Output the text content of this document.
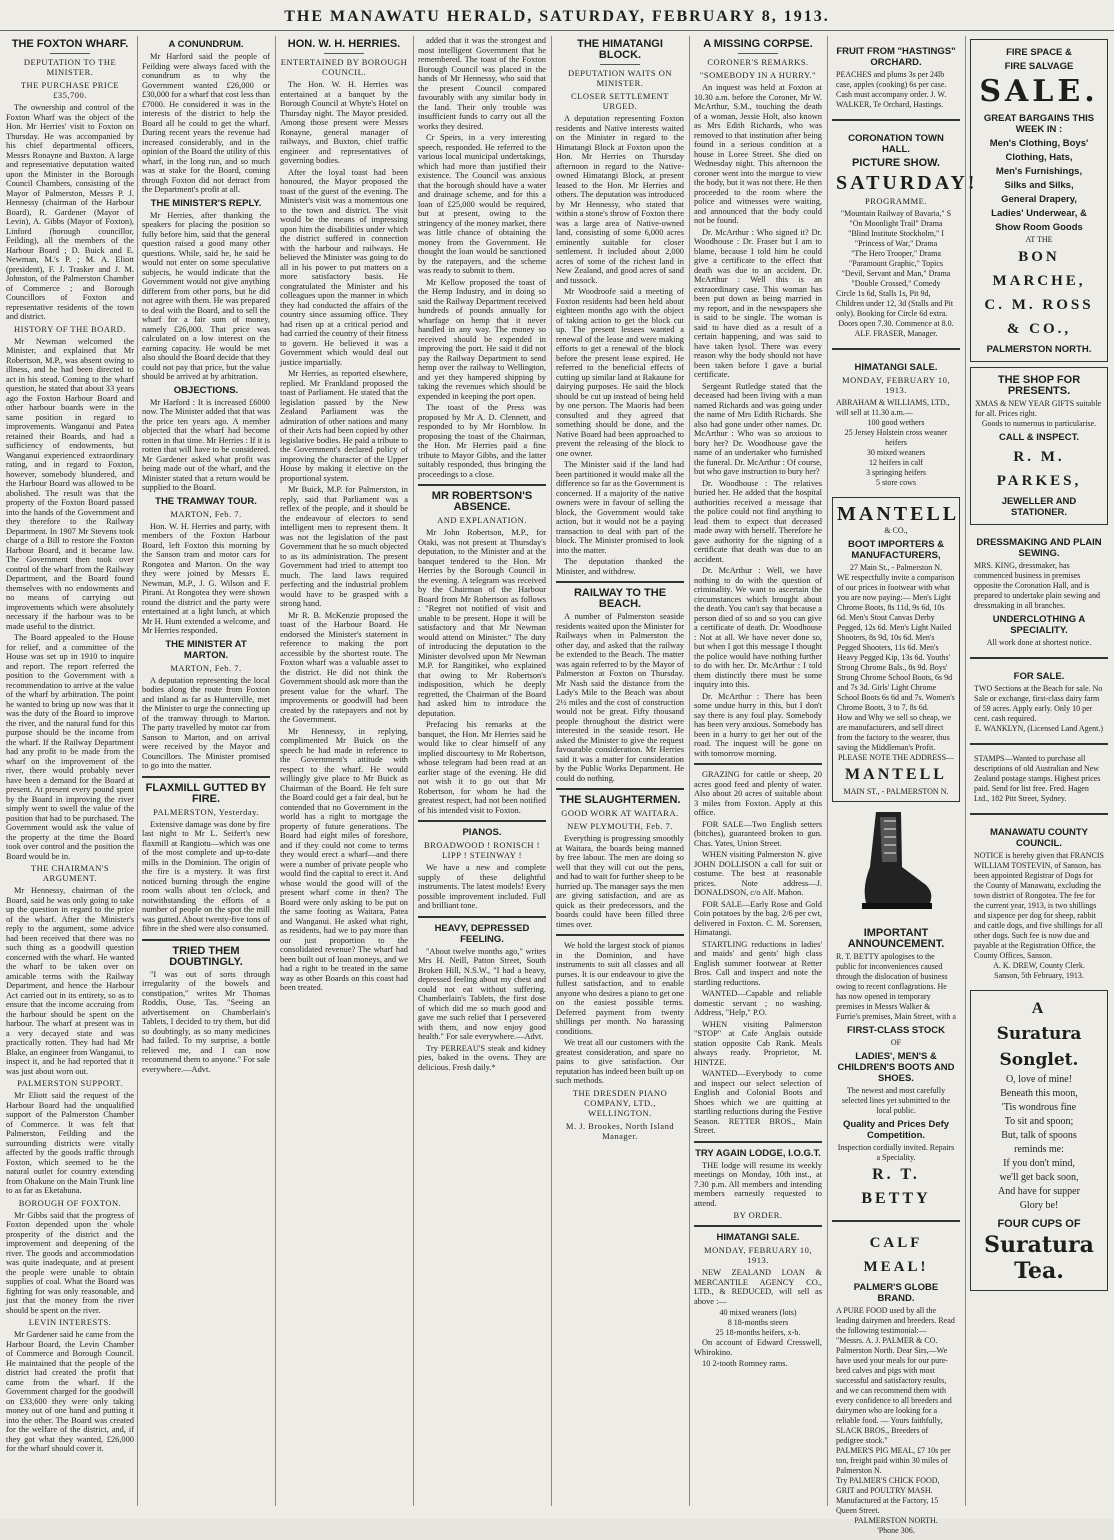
THE MANAWATU HERALD, SATURDAY, FEBRUARY 8, 1913.
THE FOXTON WHARF.
DEPUTATION TO THE MINISTER.
THE PURCHASE PRICE £35,700.

The ownership and control of the Foxton Wharf was the object of the Hon. Mr Herries' visit to Foxton on Thursday. He was accompanied by his chief departmental officers, Messrs Ronayne and Buxton. A large and representative deputation waited upon the Minister in the Borough Council Chambers, consisting of the Mayor of Palmerston, Messrs P. J. Hennessy (chairman of the Harbour Board), R. Gardener (Mayor of Levin), A. Gibbs (Mayor of Foxton), Linford (borough councillor, Feilding), all the members of the Harbour Board ; D. Buick and E. Newman, M.'s P. ; M. A. Eliott (president), F. J. Trasker and J. M. Johnston, of the Palmerston Chamber of Commerce ; and Borough Councillors of Foxton and representative residents of the town and district.

HISTORY OF THE BOARD.

Mr Newman welcomed the Minister, and explained that Mr Robertson, M.P., was absent owing to illness, and he had been directed to act in his stead. Coming to the wharf question, he stated that about 33 years ago the Foxton Harbour Board and other harbour boards were in the same position in regard to improvements. Wanganui and Patea retained their Boards, and had a sufficiency of endowments, but Wanganui experienced extraordinary rating, and in regard to Foxton, however, somebody blundered, and the Harbour Board was allowed to be abolished. The result was that the property of the Foxton Board passed into the hands of the Government and they therefore to the Railway Department. In 1907 Mr Stevens took charge of a Bill to restore the Foxton Harbour Board, and it became law. The Government then took over control of the wharf from the Railway Department, and the Board found themselves with no endowments and no means of carrying out improvements which were absolutely necessary if the harbour was to be made useful to the district.

The Board appealed to the House for relief, and a committee of the House was set up in 1910 to inquire and report. The report referred the position to the Government with a recommendation to arrive at the value of the wharf by arbitration. The point he wanted to bring up now was that it was the duty of the Board to improve the river, and the natural fund for this purpose should be the income from the wharf. If the Railway Department had any profit to be made from the wharf on the improvement of the river, there would probably never have been a demand for the Board at present. At present every pound spent by the Board in improving the river simply went to swell the value of the position that had to be purchased. The Government would ask the value of the property at the time the Board took over control and the position the Board would be in.

THE CHAIRMAN'S ARGUMENT.

Mr Hennessy, chairman of the Board, said he was only going to take up the question in regard to the price of the wharf. After the Minister's reply to the argument, some advice had been received that there was no such thing as a goodwill question concerned with the wharf. He wanted the wharf to be taken over on amicable terms with the Railway Department, and hence the Harbour Act carried out in its entirety, so as to ensure that the income accruing from the harbour should be spent on the harbour. The wharf at present was in a very decayed state and was practically rotten. They had had Mr Blake, an engineer from Wanganui, to inspect it, and he had reported that it was just about worn out.

PALMERSTON SUPPORT.

Mr Eliott said the request of the Harbour Board had the unqualified support of the Palmerston Chamber of Commerce. It was felt that Palmerston, Feilding and the surrounding districts were vitally affected by the goods traffic through Foxton, which seemed to be the natural outlet for country extending from Ohakune on the Main Trunk line to as far as Eketahuna.

BOROUGH OF FOXTON.

Mr Gibbs said that the progress of Foxton depended upon the whole prosperity of the district and the improvement and deepening of the river. The goods and accommodation was quite inadequate, and at present the people were unable to obtain supplies of coal. What the Board was fighting for was only reasonable, and just that the money from the river should be spent on the river.

LEVIN INTERESTS.

Mr Gardener said he came from the Harbour Board, the Levin Chamber of Commerce and Borough Council. He maintained that the people of the district had created the profit that came from the wharf. If the Government charged for the goodwill on £33,600 they were only taking money out of one hand and putting it into the other. The Board was created for the welfare of the district, and, if they got what they wanted, £26,000 for the wharf should cover it.

A CONUNDRUM.

Mr Harford said the people of Feilding were always faced with the conundrum as to why the Government wanted £26,000 or £30,000 for a wharf that cost less than £7000. He considered it was in the interests of the district to help the Board all he could to get the wharf. During recent years the revenue had increased considerably, and in the opinion of the Board the utility of this wharf, in the long run, and so much was at stake for the Board, coming through Foxton did not detract from the Department's profit at all.

THE MINISTER'S REPLY.

Mr Herries, after thanking the speakers for placing the position so fully before him, said that the general question raised a good many other questions. While, said he, he said he would not enter on some speculative subjects, he would indicate that the Government would not give anything different from other ports, but he did not agree with them. He was prepared to deal with the Board, and to sell the wharf for a fair sum of money, namely £26,000. That price was calculated on a low interest on the earning capacity. He would be met also should the Board decide that they could not pay that price, but the value should be arrived at by arbitration.

OBJECTIONS.

Mr Harford : It is increased £6000 now. The Minister added that that was the price ten years ago. A member objected that the wharf had become rotten in that time. Mr Herries : If it is rotten that will have to be considered. Mr Gardener asked what profit was being made out of the wharf, and the Minister stated that a return would be supplied to the Board.

THE TRAMWAY TOUR.
MARTON, Feb. 7.

Hon. W. H. Herries and party, with members of the Foxton Harbour Board, left Foxton this morning by the Sanson tram and motor cars for Rongotea and Marton. On the way they were joined by Messrs E. Newman, M.P., J. G. Wilson and F. Pirani. At Rongotea they were shown round the district and the party were entertained at a light lunch, at which Mr H. Hunt extended a welcome, and Mr Herries responded.

THE MINISTER AT MARTON.
MARTON, Feb. 7.

A deputation representing the local bodies along the route from Foxton and inland as far as Hunterville, met the Minister to urge the connecting up of the tramway through to Marton. The party travelled by motor car from Sanson to Marton, and on arrival were received by the Mayor and Councillors. The Minister promised to go into the matter.

FLAXMILL GUTTED BY FIRE.
PALMERSTON, Yesterday.

Extensive damage was done by fire last night to Mr L. Seifert's new flaxmill at Rangiotu—which was one of the most complete and up-to-date mills in the Dominion. The origin of the fire is a mystery. It was first noticed burning through the engine room walls about ten o'clock, and notwithstanding the efforts of a number of people on the spot the mill was gutted. About twenty-five tons of fibre in the shed were also consumed.

TRIED THEM DOUBTINGLY.

"I was out of sorts through irregularity of the bowels and constipation," writes Mr Thomas Roddis, Ouse, Tas. "Seeing an advertisement on Chamberlain's Tablets, I decided to try them, but did so doubtingly, as so many medicines had failed. To my surprise, a bottle relieved me, and I can now recommend them to anyone." For sale everywhere.—Advt.

HON. W. H. HERRIES.
ENTERTAINED BY BOROUGH COUNCIL.

The Hon. W. H. Herries was entertained at a banquet by the Borough Council at Whyte's Hotel on Thursday night. The Mayor presided. Among those present were Messrs Ronayne, general manager of railways, and Buxton, chief traffic engineer and representatives of governing bodies.

After the loyal toast had been honoured, the Mayor proposed the toast of the guest of the evening. The Minister's visit was a momentous one to the town and district. The visit would be the means of impressing upon him the disabilities under which the district suffered in connection with the harbour and railways. He believed the Minister was going to do all in his power to put matters on a more satisfactory basis. He congratulated the Minister and his colleagues upon the manner in which they had conducted the affairs of the country since assuming office. They had risen up at a critical period and had carried the country of their fitness to govern. He believed it was a Government which would deal out justice impartially.

Mr Herries, as reported elsewhere, replied. Mr Frankland proposed the toast of Parliament. He stated that the legislation passed by the New Zealand Parliament was the admiration of other nations and many of their Acts had been copied by other legislative bodies. He paid a tribute to the Government's declared policy of improving the character of the Upper House by making it elective on the proportional system.

Mr Buick, M.P. for Palmerston, in reply, said that Parliament was a reflex of the people, and it should be the endeavour of electors to send intelligent men to represent them. It was not the legislation of the past Government that he so much objected to as its administration. The present Government had tried to attempt too much. The land laws required perfecting and the industrial problem would have to be grasped with a strong hand.

Mr R. B. McKenzie proposed the toast of the Harbour Board. He endorsed the Minister's statement in reference to making the port accessible by the shortest route. The Foxton wharf was a valuable asset to the district. He did not think the Government should ask more than the present value for the wharf. The improvements or goodwill had been created by the ratepayers and not by the Government.

Mr Hennessy, in replying, complimented Mr Buick on the speech he had made in reference to the Government's attitude with respect to the wharf. He would willingly give place to Mr Buick as Chairman of the Board. He felt sure the Board could get a fair deal, but he contended that no Government in the world has a right to mortgage the property of future generations. The Board had eight miles of foreshore, and if they could not come to terms they would erect a wharf—and there were a number of private people who would find the capital to erect it. And whose would the good will of the present wharf come in then? The Board were only asking to be put on the same footing as Waitara, Patea and Wanganui. He asked what right, as residents, had we to pay more than our just proportion to the consolidated revenue? The wharf had been built out of loan moneys, and we had a right to be treated in the same way as other Boards on this coast had been treated.

added that it was the strongest and most intelligent Government that he remembered. The toast of the Foxton Borough Council was placed in the hands of Mr Hennessy, who said that the present Council compared favourably with any similar body in the land. Their only trouble was insufficient funds to carry out all the works they desired.

Cr Speirs, in a very interesting speech, responded. He referred to the various local municipal undertakings, which had more than justified their existence. The Council was anxious that the borough should have a water and drainage scheme, and for this a loan of £25,000 would be required, but at present, owing to the stringency of the money market, there was little chance of obtaining the money from the Government. He thought the loan would be sanctioned by the ratepayers, and the scheme was ready to submit to them.

Mr Kellow proposed the toast of the Hemp Industry, and in doing so said the Railway Department received hundreds of pounds annually for wharfage on hemp that it never handled in any way. The money so received should be expended in improving the port. He said it did not pay the Railway Department to send hemp over the railway to Wellington, and yet they hampered shipping by taking the revenues which should be expended in keeping the port open.

The toast of the Press was proposed by Mr A. D. Clennett, and responded to by Mr Hornblow. In proposing the toast of the Chairman, the Hon. Mr Herries paid a fine tribute to Mayor Gibbs, and the latter suitably responded, thus bringing the proceedings to a close.

MR ROBERTSON'S ABSENCE.
AND EXPLANATION.

Mr John Robertson, M.P., for Otaki, was not present at Thursday's deputation, to the Minister and at the banquet tendered to the Hon. Mr Herries by the Borough Council in the evening. A telegram was received by the Chairman of the Harbour Board from Mr Robertson as follows : "Regret not notified of visit and unable to be present. Hope it will be satisfactory and that Mr Newman would attend on Minister." The duty of introducing the deputation to the Minister devolved upon Mr Newman M.P. for Rangitikei, who explained that owing to Mr Robertson's indisposition, which he deeply regretted, the Chairman of the Board had asked him to introduce the deputation.

Prefacing his remarks at the banquet, the Hon. Mr Herries said he would like to clear himself of any implied discourtesy to Mr Robertson, whose telegram had been read at an earlier stage of the evening. He did not wish it to go out that Mr Robertson, for whom he had the greatest respect, had not been notified of his intended visit to Foxton.

PIANOS.
BROADWOOD ! RONISCH ! LIPP ! STEINWAY !

We have a new and complete supply of these delightful instruments. The latest models! Every possible improvement included. Full and brilliant tone.

HEAVY, DEPRESSED FEELING.

"About twelve months ago," writes Mrs H. Neill, Patton Street, South Broken Hill, N.S.W., "I had a heavy, depressed feeling about my chest and could not eat without suffering. Chamberlain's Tablets, the first dose of which did me so much good and gave me such relief that I persevered with them, and now enjoy good health." For sale everywhere.—Advt.

Try PERREAU'S steak and kidney pies, baked in the ovens. They are delicious. Fresh daily.*

THE HIMATANGI BLOCK.
DEPUTATION WAITS ON MINISTER.
CLOSER SETTLEMENT URGED.

A deputation representing Foxton residents and Native interests waited on the Minister in regard to the Himatangi Block at Foxton upon the Hon. Mr Herries on Thursday afternoon in regard to the Native-owned Himatangi Block, at present leased to the Hon. Mr Herries and others. The deputation was introduced by Mr Hennessy, who stated that within a stone's throw of Foxton there was a large area of Native-owned land, consisting of some 6,000 acres eminently suitable for closer settlement. It included about 2,000 acres of some of the richest land in New Zealand, and good acres of sand and tussock.

Mr Woodroofe said a meeting of Foxton residents had been held about eighteen months ago with the object of taking action to get the block cut up. The present lessees wanted a renewal of the lease and were making efforts to get a renewal of the block before the present lease expired. He referred to the beneficial effects of cutting up similar land at Rakaune for dairying purposes. He said the block should be cut up instead of being held by one person. The Maoris had been consulted and they agreed that something should be done, and the Native Board had been approached to prevent the releasing of the block to one owner.

The Minister said if the land had been partitioned it would make all the difference so far as the Government is concerned. If a majority of the native owners were in favour of selling the block, the Government would take action, but it would not be a paying transaction to deal with part of the block. The Minister promised to look into the matter.

The deputation thanked the Minister, and withdrew.

RAILWAY TO THE BEACH.

A number of Palmerston seaside residents waited upon the Minister for Railways when in Palmerston the other day, and asked that the railway be extended to the Beach. The matter was again referred to by the Mayor of Palmerston at Foxton on Thursday. Mr Nash said the distance from the Lady's Mile to the Beach was about 2½ miles and the cost of construction would not be great. Fifty thousand people throughout the district were interested in the seaside resort. He asked the Minister to give the request favourable consideration. Mr Herries said it was a matter for consideration by the Public Works Department. He could do nothing.

THE SLAUGHTERMEN.
GOOD WORK AT WAITARA.
NEW PLYMOUTH, Feb. 7.

Everything is progressing smoothly at Waitara, the boards being manned by free labour. The men are doing so well that they will cut out the pens, and had to wait for further sheep to be hurried up. The manager says the men are giving satisfaction, and are as quick as their predecessors, and the boards could have been filled three times over.

We hold the largest stock of pianos in the Dominion, and have instruments to suit all classes and all purses. It is our endeavour to give the fullest satisfaction, and to enable anyone who desires a piano to get one on the easiest possible terms. Deferred payment from twenty shillings per month. No harassing conditions.

We treat all our customers with the greatest consideration, and spare no pains to give satisfaction. Our reputation has indeed been built up on such methods.

THE DRESDEN PIANO COMPANY, LTD., WELLINGTON.
M. J. Brookes, North Island Manager.
A MISSING CORPSE.
CORONER'S REMARKS.
"SOMEBODY IN A HURRY."

An inquest was held at Foxton at 10.30 a.m. before the Coroner, Mr W. McArthur, S.M., touching the death of a woman, Jessie Holt, also known as Mrs Edith Richards, who was removed to that institution after being found in a serious condition at a house in Loree Street. She died on Wednesday night. This afternoon the coroner went into the morgue to view the body, but it was not there. He then proceeded to the room where the police and witnesses were waiting, and announced that the body could not be found.

Dr. McArthur : Who signed it? Dr. Woodhouse : Dr. Fraser but I am to blame, because I told him he could give a certificate to the effect that death was due to an accident. Dr. McArthur : Well this is an extraordinary case. This woman has been put down as being married in my report, and in the newspapers she is said to be single. The woman is said to have died as a result of a certain happening, and was said to have taken lysol. There was every reason why the body should not have been taken before I gave a burial certificate.

Sergeant Rutledge stated that the deceased had been living with a man named Richards and was going under the name of Mrs Edith Richards. She also had gone under other names. Dr. McArthur : Who was so anxious to bury her? Dr. Woodhouse gave the name of an undertaker who furnished the funeral. Dr. McArthur : Of course, but who gave instruction to bury her?

Dr. Woodhouse : The relatives buried her. He added that the hospital authorities received a message that the police could not find anything to lead them to expect that deceased made away with herself. Therefore he gave authority for the signing of a certificate that death was due to an accident.

Dr. McArthur : Well, we have nothing to do with the question of criminality. We want to ascertain the circumstances which brought about the death. You can't say that because a person died of so and so you can give a certificate of death. Dr. Woodhouse : Not at all. We have never done so, but when I got this message I thought the police would have nothing further to do with her. Dr. McArthur : I told them distinctly there must be some inquiry into this.

Dr. McArthur : There has been some undue hurry in this, but I don't say there is any foul play. Somebody has been very anxious. Somebody has been in a hurry to get her out of the road. The inquest will be gone on with tomorrow morning.

GRAZING for cattle or sheep, 20 acres good feed and plenty of water. Also about 20 acres of suitable about 3 miles from Foxton. Apply at this office.

FOR SALE—Two English setters (bitches), guaranteed broken to gun. Chas. Yates, Union Street.

WHEN visiting Palmerston N. give JOHN DOLLISON a call for suit or costume. The best at reasonable prices. Note address—J. DONALDSON, c/o Alf. Mahon.

FOR SALE—Early Rose and Gold Coin potatoes by the bag. 2/6 per cwt, delivered in Foxton. C. M. Sorensen, Himatangi.

STARTLING reductions in ladies' and maids' and gents' high class English summer footwear at Retter Bros. Call and inspect and note the startling reductions.

WANTED—Capable and reliable domestic servant ; no washing. Address, "Help," P.O.

WHEN visiting Palmerston "STOP" at Cafe Anglais outside station opposite Cab Rank. Meals always ready. Proprietor, M. HINTZE.

WANTED—Everybody to come and inspect our select selection of English and Colonial Boots and Shoes which we are quitting at startling reductions during the Festive Season. RETTER BROS., Main Street.

TRY AGAIN LODGE, I.O.G.T.

THE lodge will resume its weekly meetings on Monday, 10th inst., at 7.30 p.m. All members and intending members earnestly requested to attend.

BY ORDER.
HIMATANGI SALE.
MONDAY, FEBRUARY 10, 1913.

NEW ZEALAND LOAN & MERCANTILE AGENCY CO., LTD., & REDUCED, will sell as above :—

40 mixed weaners (lots)
8 18-months steers
25 18-months heifers, x-b.

On account of Edward Cresswell, Whirokino.

10 2-tooth Romney rams.

FRUIT FROM "HASTINGS" ORCHARD.
PEACHES and plums 3s per 24lb case, apples (cooking) 6s per case. Cash must accompany order. J. W. WALKER, Te Orchard, Hastings.
CORONATION TOWN HALL.
PICTURE SHOW.
SATURDAY!
PROGRAMME.
"Mountain Railway of Bavaria," S
"On Moonlight Trail" Drama
"Blind Institute Stockholm," I
"Princess of War," Drama
"The Hero Trooper," Drama
"Paramount Graphic," Topics
"Devil, Servant and Man," Drama
"Double Crossed," Comedy
Circle 1s 6d, Stalls 1s, Pit 9d, Children under 12, 3d (Stalls and Pit only). Booking for Circle 6d extra.
Doors open 7.30. Commence at 8.0.
ALF. FRASER, Manager.
HIMATANGI SALE.
MONDAY, FEBRUARY 10, 1913.
ABRAHAM & WILLIAMS, LTD., will sell at 11.30 a.m.—
100 good wethers
25 Jersey Holstein cross weaner heifers
30 mixed weaners
12 heifers in calf
3 springing heifers
5 store cows
MANTELL
& CO.,
BOOT IMPORTERS & MANUFACTURERS,
27 Main St., - Palmerston N.
WE respectfully invite a comparison of our prices in footwear with what you are now paying:— Men's Light Chrome Boots, 8s 11d, 9s 6d, 10s 6d. Men's Stout Canvas Derby Pegged, 12s 6d. Men's Light Nailed Shooters, 8s 9d, 10s 6d. Men's Pegged Shooters, 11s 6d. Men's Heavy Pegged Kip, 13s 6d. Youths' Strong Chrome Bals., 8s 9d. Boys' Strong Chrome School Boots, 6s 9d and 7s 3d. Girls' Light Chrome School Boots 6s 6d and 7s. Women's Chrome Boots, 3 to 7, 8s 6d.
How and Why we sell so cheap, we are manufacturers, and sell direct from the factory to the wearer, thus saving the Middleman's Profit.
PLEASE NOTE THE ADDRESS—
MANTELL
MAIN ST., - PALMERSTON N.
IMPORTANT ANNOUNCEMENT.
R. T. BETTY apologises to the public for inconveniences caused through the dislocation of business owing to recent conflagrations. He has now opened in temporary premises in Messrs Walker & Furrie's premises, Main Street, with a
FIRST-CLASS STOCK
OF
LADIES', MEN'S & CHILDREN'S BOOTS AND SHOES.
The newest and most carefully selected lines yet submitted to the local public.
Quality and Prices Defy Competition.
Inspection cordially invited. Repairs a Speciality.
R. T. BETTY
CALF MEAL!
PALMER'S GLOBE BRAND.
A PURE FOOD used by all the leading dairymen and breeders. Read the following testimonial:— "Messrs. A. J. PALMER & CO. Palmerston North. Dear Sirs,—We have used your meals for our pure-bred calves and pigs with most successful and satisfactory results, and we can recommend them with every confidence to all breeders and dairymen who are looking for a reliable food. — Yours faithfully, SLACK BROS., Breeders of pedigree stock."
PALMER'S PIG MEAL, £7 10s per ton, freight paid within 30 miles of Palmerston N.
Try PALMER'S CHICK FOOD, GRIT and POULTRY MASH. Manufactured at the Factory, 15 Queen Street.
PALMERSTON NORTH.
'Phone 306.
FIRE SPACE &
FIRE SALVAGE
SALE.
GREAT BARGAINS THIS WEEK IN :
Men's Clothing, Boys'
Clothing, Hats,
Men's Furnishings,
Silks and Silks,
General Drapery,
Ladies' Underwear, &
Show Room Goods
AT THE
BON MARCHE,
C. M. ROSS & CO.,
PALMERSTON NORTH.
THE SHOP FOR PRESENTS.
XMAS & NEW YEAR GIFTS suitable for all. Prices right.
Goods to numerous to particularise.
CALL & INSPECT.
R. M. PARKES,
JEWELLER AND STATIONER.
DRESSMAKING AND PLAIN SEWING.
MRS. KING, dressmaker, has commenced business in premises opposite the Coronation Hall, and is prepared to undertake plain sewing and dressmaking in all branches.
UNDERCLOTHING A SPECIALITY.
All work done at shortest notice.
FOR SALE.
TWO Sections at the Beach for sale. No Sale or exchange, first-class dairy farm of 59 acres. Apply early. Only 10 per cent. cash required.
E. WANKLYN, (Licensed Land Agent.)
STAMPS—Wanted to purchase all descriptions of old Australian and New Zealand postage stamps. Highest prices paid. Send for list free. Fred. Hagen Ltd., 182 Pitt Street, Sydney.
MANAWATU COUNTY COUNCIL.
NOTICE is hereby given that FRANCIS WILLIAM TOSTEVIN, of Sanson, has been appointed Registrar of Dogs for the County of Manawatu, excluding the town district of Rongotea. The fee for the current year, 1913, is two shillings and sixpence per dog for sheep, rabbit and cattle dogs, and five shillings for all other dogs. Such fee is now due and payable at the Registration Office, the County Offices, Sanson.
A. K. DREW, County Clerk.
Sanson, 5th February, 1913.
A
Suratura Songlet.
O, love of mine!
Beneath this moon,
'Tis wondrous fine
To sit and spoon;
But, talk of spoons
reminds me:
If you don't mind,
we'll get back soon,
And have for supper
Glory be!
FOUR CUPS OF
Suratura Tea.
